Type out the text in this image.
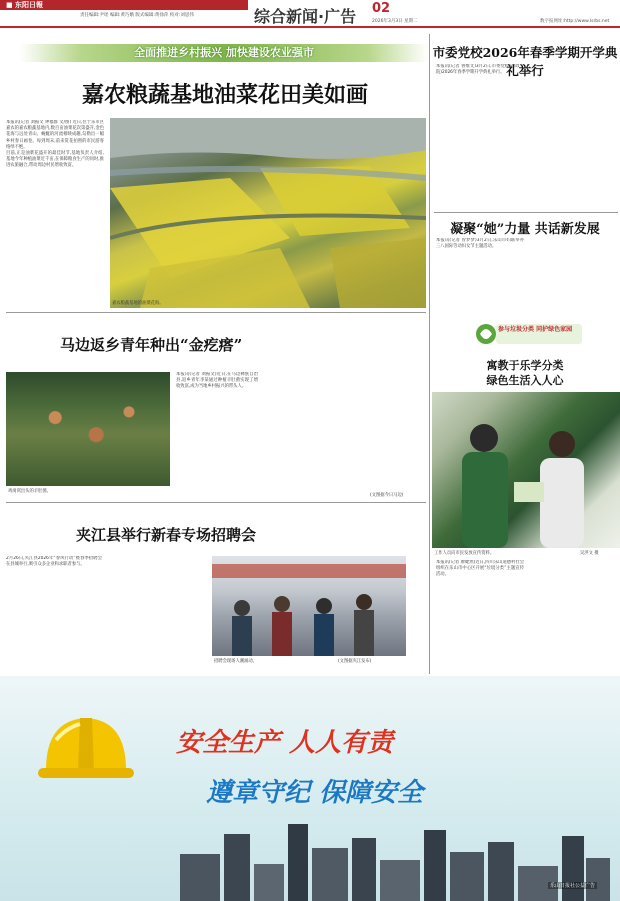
■ 东阳日報
责任编辑:尹瑶 编辑:黄巧娥 版式编辑:黄徐萍 校对:刘思伟	综合新闻·广告 02
2026年3月3日 星期二	数字报网址:http://www.lsrbs.net
全面推进乡村振兴 加快建设农业强市
嘉农粮蔬基地油菜花田美如画
本报讯(记者 刘振文 钟福群 文/图) 近日,位于乐市区嘉农的嘉农粮蔬基地内,数百亩油菜花次第盛开,金色花海与远处青山、蜿蜒的河流相映成趣,勾勒出一幅乡村春日画卷。每到周末,前来赏花拍照的市民游客络绎不绝。
目前,正是油菜花盛开的最佳时节,基地负责人介绍,基地今年种植油菜近千亩,在保障粮食生产的同时,推进农旅融合,带动周边村民增收致富。
嘉农粮蔬基地的油菜花海。
马边返乡青年种出“金疙瘩”
鸡岗窝出头的羊肚菌。
本报讯(记者 刘振文)近日,在马边彝族自治县,返乡青年李某通过种植羊肚菌实现了增收致富,成为当地乡村振兴的带头人。
(文图据今日马边)
夹江县举行新春专场招聘会
2月26日,夹江县2026年“春风行动”暨春季招聘会在县城举行,吸引众多企业和求职者参与。
招聘会现场人潮涌动。	(文图据夹江发布)
市委党校2026年春季学期开学典礼举行
本报讯(记者 鲁维文)3月2日,市委党校(行政学院)2026年春季学期开学典礼举行。
凝聚“她”力量 共话新发展
本报讯(记者 曾梦梦)3月2日,乐山市妇联举办三八国际劳动妇女节主题活动。
参与垃圾分类 同护绿色家园
寓教于乐学分类
绿色生活入人心
工作人员向市民发放宣传资料。	吴洪文 摄
本报讯(记者 廖婕然)近日,四川乐山道德村社会组织在乐山市中心区开展“垃圾分类”主题宣传活动。
安全生产 人人有责
遵章守纪 保障安全
乐山日报社公益广告
